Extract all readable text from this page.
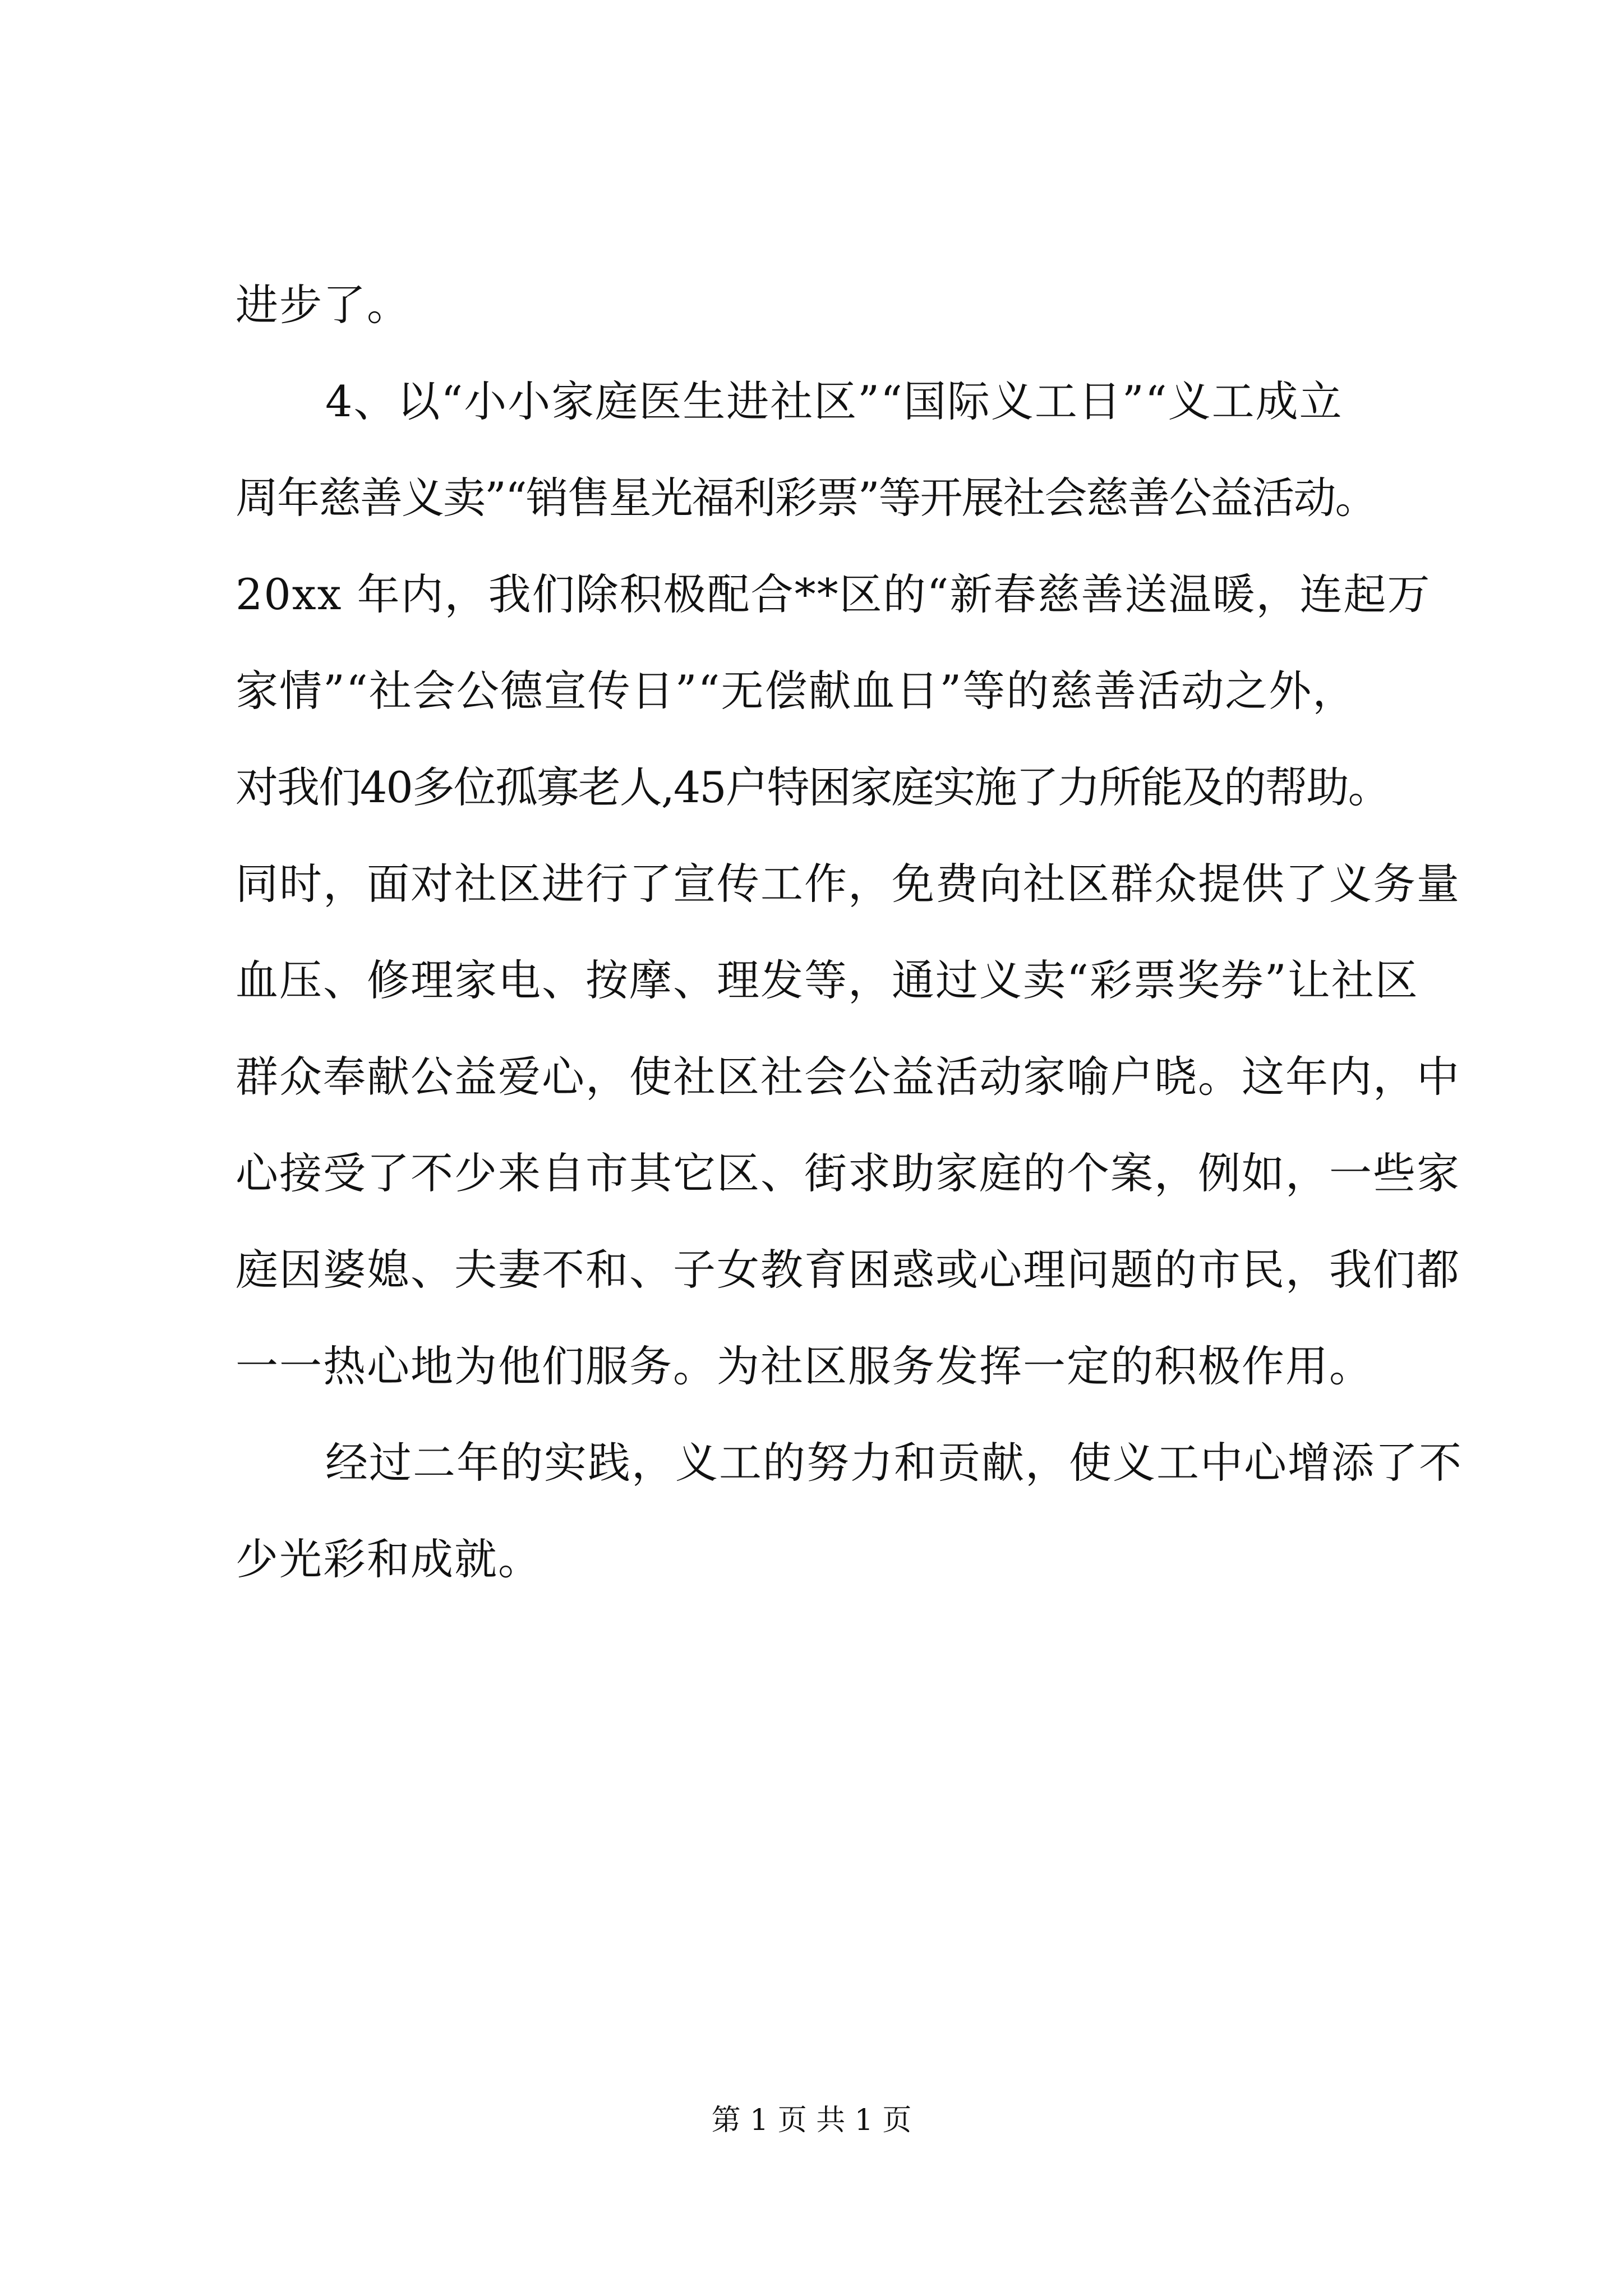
进步了。
4、以“小小家庭医生进社区”“国际义工日”“义工成立
周年慈善义卖”“销售星光福利彩票”等开展社会慈善公益活动。
20xx 年内，我们除积极配合**区的“新春慈善送温暖，连起万
家情”“社会公德宣传日”“无偿献血日”等的慈善活动之外，
对我们40多位孤寡老人,45户特困家庭实施了力所能及的帮助。
同时，面对社区进行了宣传工作，免费向社区群众提供了义务量
血压、修理家电、按摩、理发等，通过义卖“彩票奖券”让社区
群众奉献公益爱心，使社区社会公益活动家喻户晓。这年内，中
心接受了不少来自市其它区、街求助家庭的个案，例如，一些家
庭因婆媳、夫妻不和、子女教育困惑或心理问题的市民，我们都
一一热心地为他们服务。为社区服务发挥一定的积极作用。
经过二年的实践，义工的努力和贡献，使义工中心增添了不
少光彩和成就。
第 1 页 共 1 页
